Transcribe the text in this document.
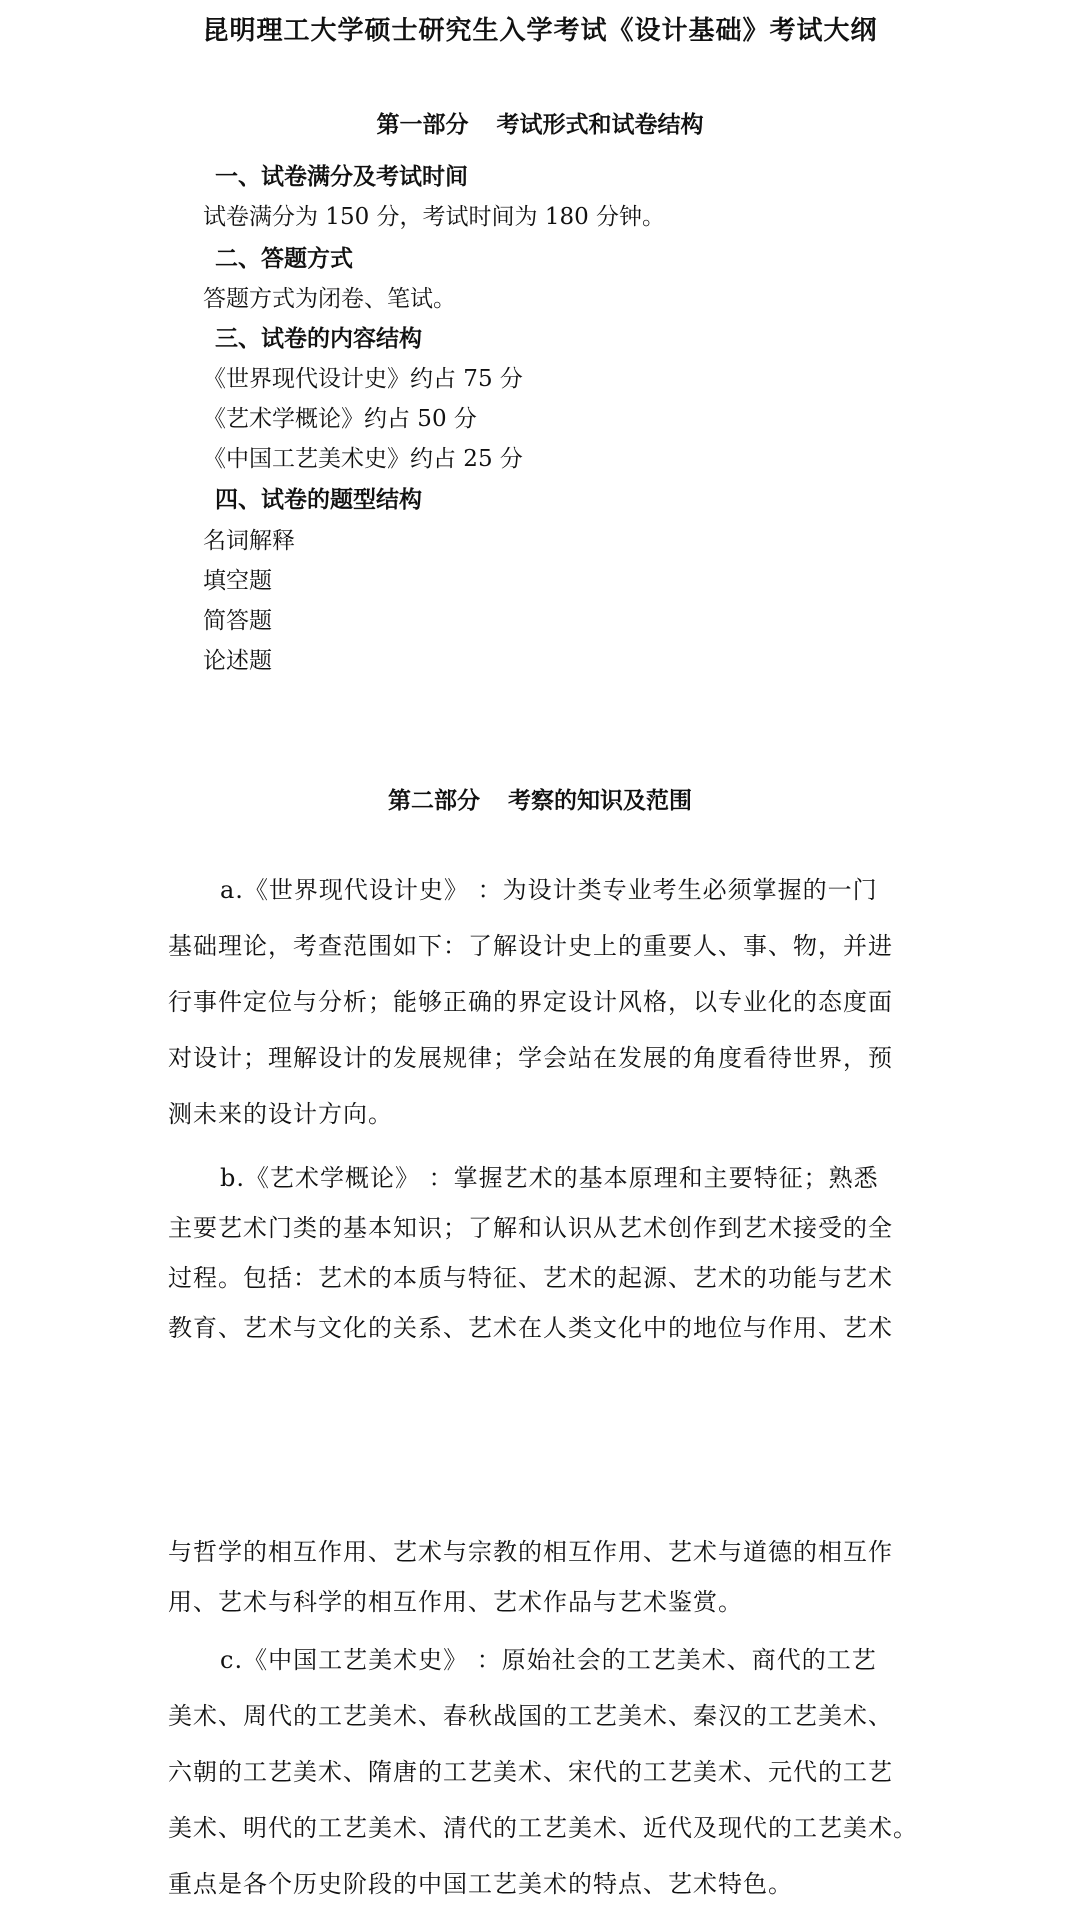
昆明理工大学硕士研究生入学考试《设计基础》考试大纲
第一部分 考试形式和试卷结构
一、试卷满分及考试时间
试卷满分为 150 分，考试时间为 180 分钟。
二、答题方式
答题方式为闭卷、笔试。
三、试卷的内容结构
《世界现代设计史》约占 75 分
《艺术学概论》约占 50 分
《中国工艺美术史》约占 25 分
四、试卷的题型结构
名词解释
填空题
简答题
论述题
第二部分 考察的知识及范围
a.《世界现代设计史》 ：为设计类专业考生必须掌握的一门
基础理论，考查范围如下：了解设计史上的重要人、事、物，并进
行事件定位与分析；能够正确的界定设计风格，以专业化的态度面
对设计；理解设计的发展规律；学会站在发展的角度看待世界，预
测未来的设计方向。
b.《艺术学概论》 ：掌握艺术的基本原理和主要特征；熟悉
主要艺术门类的基本知识；了解和认识从艺术创作到艺术接受的全
过程。包括：艺术的本质与特征、艺术的起源、艺术的功能与艺术
教育、艺术与文化的关系、艺术在人类文化中的地位与作用、艺术
与哲学的相互作用、艺术与宗教的相互作用、艺术与道德的相互作
用、艺术与科学的相互作用、艺术作品与艺术鉴赏。
c.《中国工艺美术史》 ：原始社会的工艺美术、商代的工艺
美术、周代的工艺美术、春秋战国的工艺美术、秦汉的工艺美术、
六朝的工艺美术、隋唐的工艺美术、宋代的工艺美术、元代的工艺
美术、明代的工艺美术、清代的工艺美术、近代及现代的工艺美术。
重点是各个历史阶段的中国工艺美术的特点、艺术特色。
